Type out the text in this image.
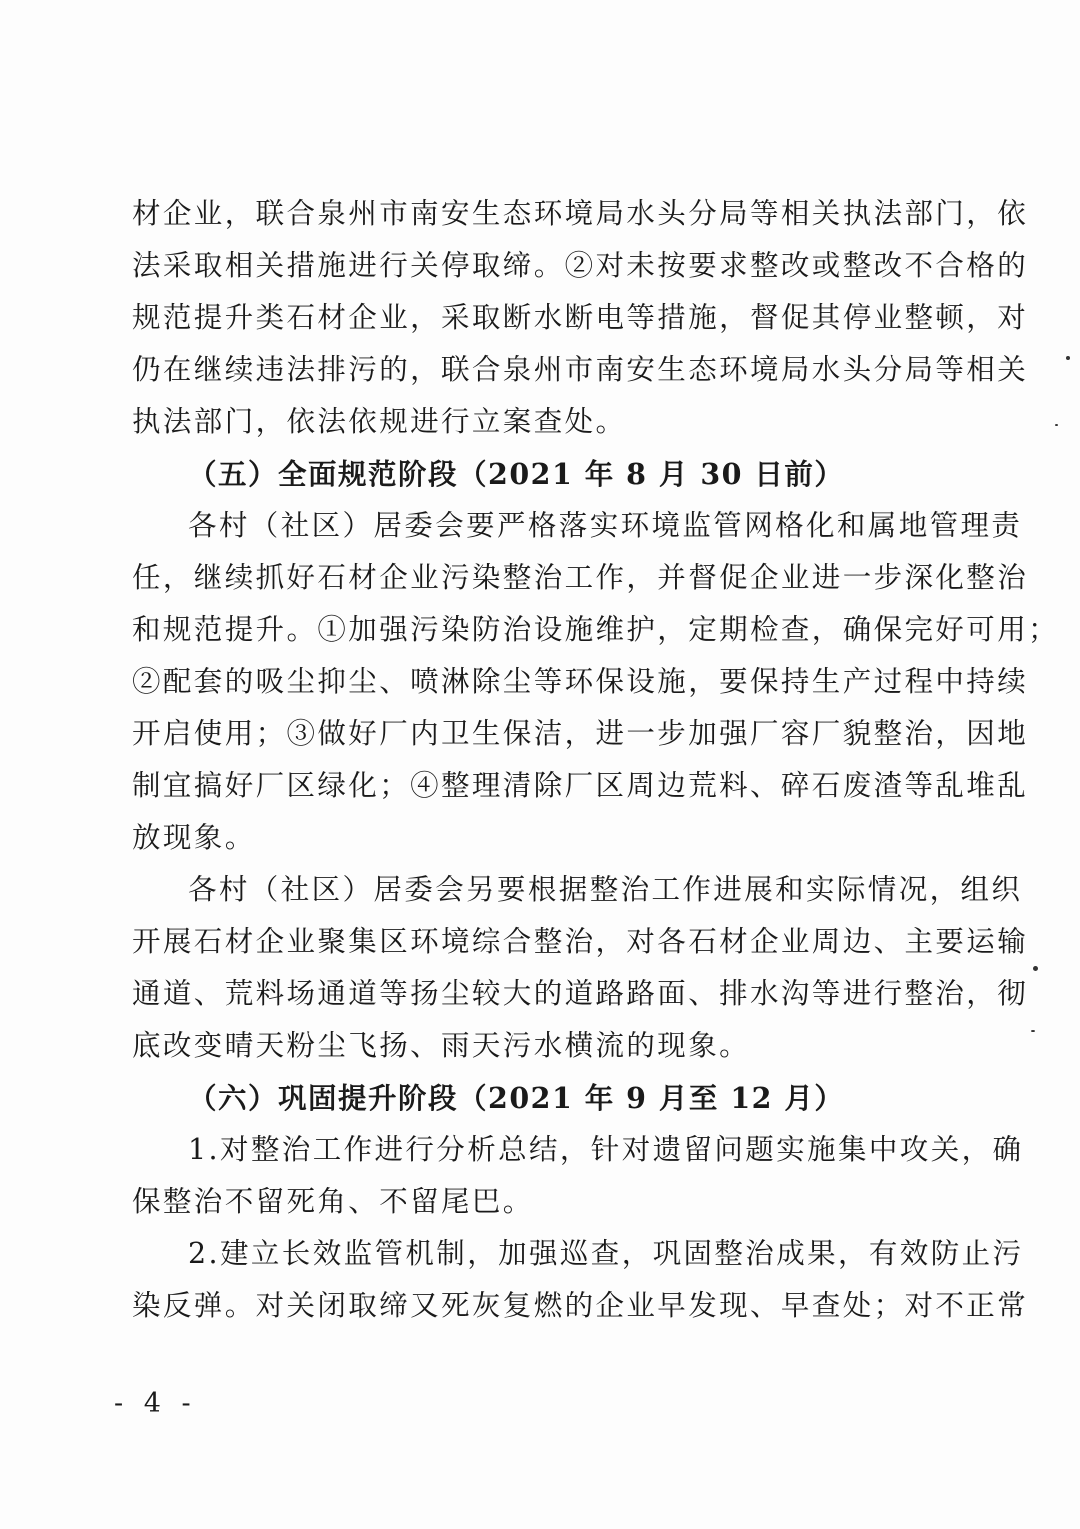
材企业，联合泉州市南安生态环境局水头分局等相关执法部门，依
法采取相关措施进行关停取缔。②对未按要求整改或整改不合格的
规范提升类石材企业，采取断水断电等措施，督促其停业整顿，对
仍在继续违法排污的，联合泉州市南安生态环境局水头分局等相关
执法部门，依法依规进行立案查处。
（五）全面规范阶段（2021 年 8 月 30 日前）
各村（社区）居委会要严格落实环境监管网格化和属地管理责
任，继续抓好石材企业污染整治工作，并督促企业进一步深化整治
和规范提升。①加强污染防治设施维护，定期检查，确保完好可用；
②配套的吸尘抑尘、喷淋除尘等环保设施，要保持生产过程中持续
开启使用；③做好厂内卫生保洁，进一步加强厂容厂貌整治，因地
制宜搞好厂区绿化；④整理清除厂区周边荒料、碎石废渣等乱堆乱
放现象。
各村（社区）居委会另要根据整治工作进展和实际情况，组织
开展石材企业聚集区环境综合整治，对各石材企业周边、主要运输
通道、荒料场通道等扬尘较大的道路路面、排水沟等进行整治，彻
底改变晴天粉尘飞扬、雨天污水横流的现象。
（六）巩固提升阶段（2021 年 9 月至 12 月）
1.对整治工作进行分析总结，针对遗留问题实施集中攻关，确
保整治不留死角、不留尾巴。
2.建立长效监管机制，加强巡查，巩固整治成果，有效防止污
染反弹。对关闭取缔又死灰复燃的企业早发现、早查处；对不正常
- 4 -
